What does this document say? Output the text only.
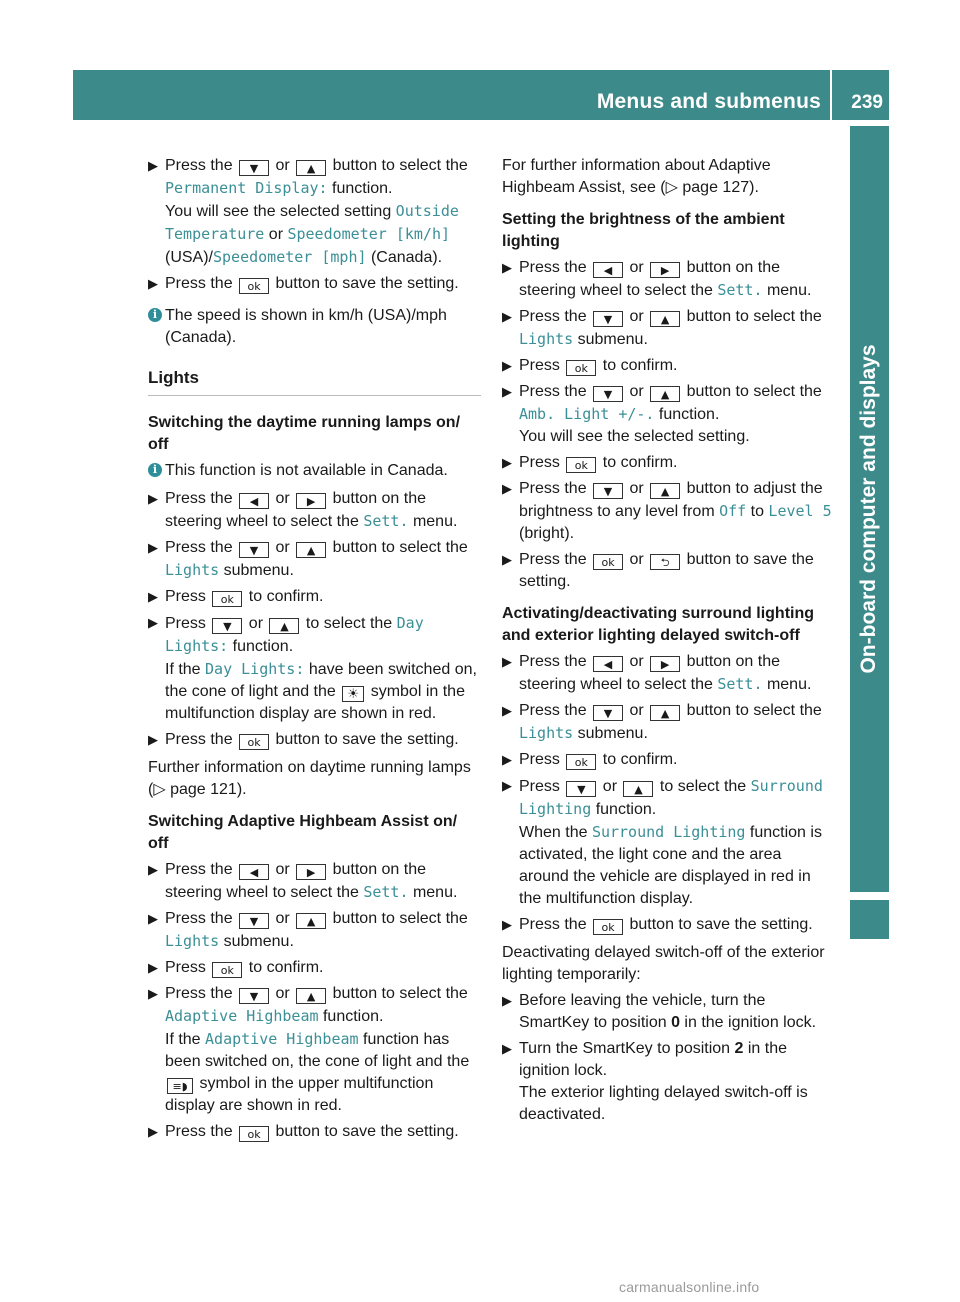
Menus and submenus 239
On-board computer and displays
▶  Press the ▼ or ▲ button to select the Permanent Display: function.
You will see the selected setting Outside Temperature or Speedometer [km/h] (USA)/Speedometer [mph] (Canada).
▶  Press the ok button to save the setting.
i The speed is shown in km/h (USA)/mph (Canada).
Lights
Switching the daytime running lamps on/ off
i This function is not available in Canada.
▶  Press the ◀ or ▶ button on the steering wheel to select the Sett. menu.
▶  Press the ▼ or ▲ button to select the Lights submenu.
▶  Press ok to confirm.
▶  Press ▼ or ▲ to select the Day Lights: function.
If the Day Lights: have been switched on, the cone of light and the ☀ symbol in the multifunction display are shown in red.
▶  Press the ok button to save the setting.
Further information on daytime running lamps (▷ page 121).
Switching Adaptive Highbeam Assist on/ off
▶  Press the ◀ or ▶ button on the steering wheel to select the Sett. menu.
▶  Press the ▼ or ▲ button to select the Lights submenu.
▶  Press ok to confirm.
▶  Press the ▼ or ▲ button to select the Adaptive Highbeam function.
If the Adaptive Highbeam function has been switched on, the cone of light and the ≡◗ symbol in the upper multifunction display are shown in red.
▶  Press the ok button to save the setting.
For further information about Adaptive Highbeam Assist, see (▷ page 127).
Setting the brightness of the ambient lighting
▶  Press the ◀ or ▶ button on the steering wheel to select the Sett. menu.
▶  Press the ▼ or ▲ button to select the Lights submenu.
▶  Press ok to confirm.
▶  Press the ▼ or ▲ button to select the Amb. Light +/-. function.
You will see the selected setting.
▶  Press ok to confirm.
▶  Press the ▼ or ▲ button to adjust the brightness to any level from Off to Level 5 (bright).
▶  Press the ok or ⮌ button to save the setting.
Activating/deactivating surround lighting and exterior lighting delayed switch-off
▶  Press the ◀ or ▶ button on the steering wheel to select the Sett. menu.
▶  Press the ▼ or ▲ button to select the Lights submenu.
▶  Press ok to confirm.
▶  Press ▼ or ▲ to select the Surround Lighting function.
When the Surround Lighting function is activated, the light cone and the area around the vehicle are displayed in red in the multifunction display.
▶  Press the ok button to save the setting.
Deactivating delayed switch-off of the exterior lighting temporarily:
▶  Before leaving the vehicle, turn the SmartKey to position 0 in the ignition lock.
▶  Turn the SmartKey to position 2 in the ignition lock.
The exterior lighting delayed switch-off is deactivated.
carmanualsonline.info
